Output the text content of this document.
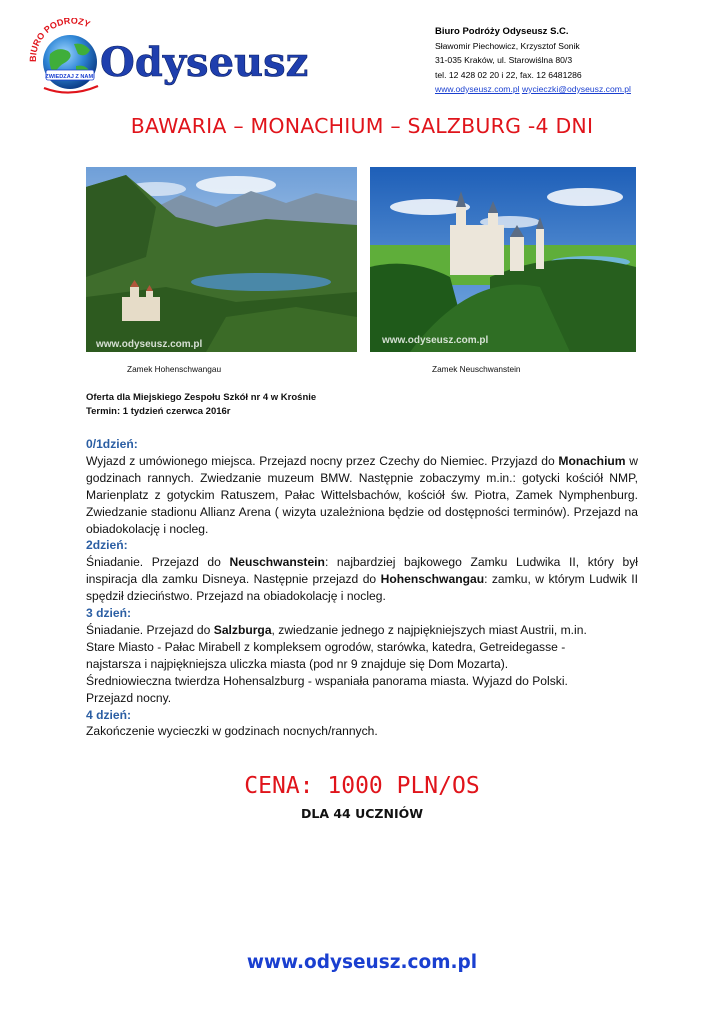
BIURO PODRÓŻY
ZWIEDZAJ Z NAMI Odyseusz
Biuro Podróży Odyseusz S.C.
Sławomir Piechowicz, Krzysztof Sonik
31-035 Kraków, ul. Starowiślna 80/3
tel. 12 428 02 20 i 22, fax. 12 6481286
www.odyseusz.com.pl wycieczki@odyseusz.com.pl
BAWARIA – MONACHIUM – SALZBURG -4 DNI
www.odyseusz.com.pl	www.odyseusz.com.pl
Zamek Hohenschwangau	Zamek Neuschwanstein
Oferta dla Miejskiego Zespołu Szkół nr 4 w Krośnie
Termin: 1 tydzień czerwca 2016r

0/1dzień:

Wyjazd z umówionego miejsca. Przejazd nocny przez Czechy do Niemiec. Przyjazd do Monachium w godzinach rannych. Zwiedzanie muzeum BMW. Następnie zobaczymy m.in.: gotycki kościół NMP, Marienplatz z gotyckim Ratuszem, Pałac Wittelsbachów, kościół św. Piotra, Zamek Nymphenburg. Zwiedzanie stadionu Allianz Arena ( wizyta uzależniona będzie od dostępności terminów). Przejazd na obiadokolację i nocleg.

2dzień:

Śniadanie. Przejazd do Neuschwanstein: najbardziej bajkowego Zamku Ludwika II, który był inspiracja dla zamku Disneya. Następnie przejazd do Hohenschwangau: zamku, w którym Ludwik II spędził dzieciństwo. Przejazd na obiadokolację i nocleg.

3 dzień:

Śniadanie. Przejazd do Salzburga, zwiedzanie jednego z najpiękniejszych miast Austrii, m.in.

Stare Miasto - Pałac Mirabell z kompleksem ogrodów, starówka, katedra, Getreidegasse -

najstarsza i najpiękniejsza uliczka miasta (pod nr 9 znajduje się Dom Mozarta).

Średniowieczna twierdza Hohensalzburg - wspaniała panorama miasta. Wyjazd do Polski.

Przejazd nocny.

4 dzień:

Zakończenie wycieczki w godzinach nocnych/rannych.

CENA: 1000 PLN/OS
DLA 44 UCZNIÓW
www.odyseusz.com.pl
